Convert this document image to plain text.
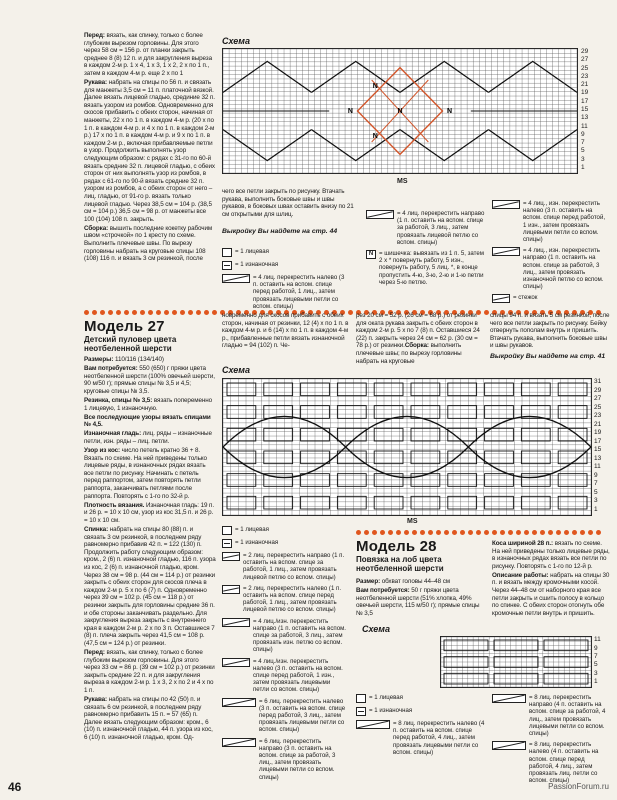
Перед: вязать, как спинку, только с более глубоким вырезом горловины. Для этого через 58 см = 156 р. от планки закрыть среднее 8 (8) 12 п. и для закругления выреза в каждом 2-м р. 1 х 4, 1 х 3, 1 х 2, 2 х по 1 п., затем в каждом 4-м р. еще 2 х по 1

Рукава: набрать на спицы по 56 п. и связать для манжеты 3,5 см = 11 п. платочной вязкой. Далее вязать лицевой гладью, срединие 32 п. вязать узором из ромбов. Одновременно для скосов прибавить с обеих сторон, начиная от манжеты, 22 х по 1 п. в каждом 4-м р. (20 х по 1 п. в каждом 4-м р. и 4 х по 1 п. в каждом 2-м р.) 17 х по 1 п. в каждом 4-м р. и 9 х по 1 п. в каждом 2-м р., включая прибавляемые петли в узор. Продолжить выполнять узор следующим образом: с рядах с 31-го по 60-й вязать средние 32 п. лицевой гладью, с обеих сторон от них выполнять узор из ромбов, в рядах с 61-го по 90-й вязать средние 32 п. узором из ромбов, а с обеих сторон от него – лиц. гладью, от 91-го р. вязать только лицевой гладью. Через 38,5 см = 104 р. (38,5 см = 104 р.) 36,5 см = 98 р. от манжеты все 100 (104) 108 п. закрыть.

Сборка: вышить последние кокетку рабочим швом «строчкой» по 1 кресту по схеме. Выполнить плечевые швы. По вырезу горловины набрать на круговые спицы 108 (108) 116 п. и вязать 3 см резинкой, после

Схема
N
N
N
N	N
29
27
25
23
21
19
17
15
13
11
9
7
5
3
1
MS
чего все петли закрыть по рисунку. Втачать рукава, выполнить боковые швы и швы рукавов, в боковых швах оставить внизу по 21 см открытыми для шлиц.
Выкройку Вы найдете на стр. 44
= 1 лицевая
= 1 изнаночная
= 4 лиц. перекрестить налево (3 п. оставить на вспом. спице перед работой, 1 лиц., затем провязать лицевыми петли со вспом. спицы)
= 4 лиц. перекрестить направо (1 п. оставить на вспом. спице за работой, 3 лиц., затем провязать лицевой петлю со вспом. спицы)
N = шишечка: вывязать из 1 п. 5, затем 2 х * повернуть работу, 5 изн., повернуть работу, 5 лиц. *, в конце пропустить 4-ю, 3-ю, 2-ю и 1-ю петли через 5-ю петлю.
= 4 лиц., изн. перекрестить налево (3 п. оставить на вспом. спице перед работой, 1 изн., затем провязать лицевыми петли со вспом. спицы)
= 4 лиц., изн. перекрестить направо (1 п. оставить на вспом. спице за работой, 3 лиц., затем провязать изнаночной петлю со вспом. спицы)
= стежок
Модель 27
Детский пуловер цвета неотбеленной шерсти

Размеры: 110/116 (134/140)

Вам потребуется: 550 (650) г пряжи цвета неотбеленной шерсти (100% овечьей шерсти, 90 м/50 г); прямые спицы № 3,5 и 4,5; круговые спицы № 3,5.

Резинка, спицы № 3,5: вязать попеременно 1 лицевую, 1 изнаночную.

Все последующие узоры вязать спицами № 4,5.

Изнаночная гладь: лиц. ряды – изнаночные петли, изн. ряды – лиц. петли.

Узор из кос: число петель кратно 36 + 8. Вязать по схеме. На ней приведены только лицевые ряды, в изнаночных рядах вязать все петли по рисунку. Начинать с петель перед раппортом, затем повторять петли раппорта, заканчивать петлями после раппорта. Повторять с 1-го по 32-й р.

Плотность вязания. Изнаночная гладь: 19 п. и 26 р. = 10 х 10 см, узор из кос 31,5 п. и 26 р. = 10 х 10 см.

Спинка: набрать на спицы 80 (88) п. и связать 3 см резинкой, в последнем ряду равномерно прибавив 42 п. = 122 (130) п. Продолжить работу следующим образом: кром., 2 (6) п. изнаночной гладью, 116 п. узора из кос, 2 (6) п. изнаночной гладью, кром. Через 38 см = 98 р. (44 см = 114 р.) от резинки закрыть с обеих сторон для скосов плеча в каждом 2-м р. 5 х по 6 (7) п. Одновременно через 39 см = 102 р. (45 см = 118 р.) от резинки закрыть для горловины средние 36 п. и обе стороны заканчивать раздельно. Для закругления выреза закрыть с внутреннего края в каждом 2-м р. 2 х по 3 п. Оставшиеся 7 (8) п. плеча закрыть через 41,5 см = 108 р. (47,5 см = 124 р.) от резинки.

Перед: вязать, как спинку, только с более глубоким вырезом горловины. Для этого через 33 см = 86 р. (39 см = 102 р.) от резинки закрыть средние 22 п. и для закругления выреза в каждом 2-м р. 1 х 3, 2 х по 2 и 4 х по 1 п.

Рукава: набрать на спицы по 42 (50) п. и связать 6 см резинкой, в последнем ряду равномерно прибавить 15 п. = 57 (65) п. Далее вязать следующим образом: кром., 6 (10) п. изнаночной гладью, 44 п. узора из кос, 6 (10) п. изнаночной гладью, кром. Од-

новременно для скосов прибавить с обеих сторон, начиная от резинки, 12 (4) х по 1 п. в каждом 4-м р. и 6 (14) х по 1 п. в каждом 4-м р., прибавленные петли вязать изнаночной гладью = 94 (102) п. Че-

рез 20 см = 52 р. (26 см = 68 р.) от резинки для оката рукава закрыть с обеих сторон в каждом 2-м р. 5 х по 7 (8) п. Оставшиеся 24 (22) п. закрыть через 24 см = 62 р. (30 см = 78 р.) от резинки.Сборка: выполнить плечевые швы; по вырезу горловины набрать на круговые

спицы 94 п. и вязать 5 см резинкой, после чего все петли закрыть по рисунку. Бейку отвернуть пополам внутрь и пришить. Втачать рукава, выполнить боковые швы и швы рукавов.
Выкройку Вы найдете на стр. 41
Схема
31
29
27
25
23
21
19
17
15
13
11
9
7
5
3
1
MS
= 1 лицевая
= 1 изнаночная
= 2 лиц. перекрестить направо (1 п. оставить на вспом. спице за работой, 1 лиц., затем провязать лицевой петлю со вспом. спицы)
= 2 лиц. перекрестить налево (1 п. оставить на вспом. спице перед работой, 1 лиц., затем провязать лицевой петлю со вспом. спицы)
= 4 лиц./изн. перекрестить направо (1 п. оставить на вспом. спице за работой, 3 лиц., затем провязать изн. петлю со вспом. спицы)
= 4 лиц./изн. перекрестить налево (3 п. оставить на вспом. спице перед работой, 1 изн., затем провязать лицевыми петли со вспом. спицы)
= 6 лиц. перекрестить налево (3 п. оставить на вспом. спице перед работой, 3 лиц., затем провязать лицевыми петли со вспом. спицы)
= 6 лиц. перекрестить направо (3 п. оставить на вспом. спице за работой, 3 лиц., затем провязать лицевыми петли со вспом. спицы)
Модель 28
Повязка на лоб цвета неотбеленной шерсти

Размер: обхват головы 44–48 см

Вам потребуется: 50 г пряжи цвета неотбеленной шерсти (51% хлопка, 49% овечьей шерсти, 115 м/50 г); прямые спицы № 3,5

Коса шириной 28 п.: вязать по схеме. На ней приведены только лицевые ряды, в изнаночных рядах вязать все петли по рисунку. Повторять с 1-го по 12-й р.

Описание работы: набрать на спицы 30 п. и вязать между кромочными косой. Через 44–48 см от наборного края все петли закрыть и сшить полосу в кольцо по спинке. С обеих сторон отогнуть обе кромочные петли внутрь и пришить.

Схема
11
9
7
5
3
1
= 1 лицевая
= 1 изнаночная
= 8 лиц. перекрестить налево (4 п. оставить на вспом. спице перед работой, 4 лиц., затем провязать лицевыми петли со вспом. спицы)
= 8 лиц. перекрестить направо (4 п. оставить на вспом. спице за работой, 4 лиц., затем провязать лицевыми петли со вспом. спицы)
= 8 лиц. перекрестить налево (4 п. оставить на вспом. спице перед работой, 4 лиц., затем провязать лиц. петли со вспом. спицы)
46	PassionForum.ru
